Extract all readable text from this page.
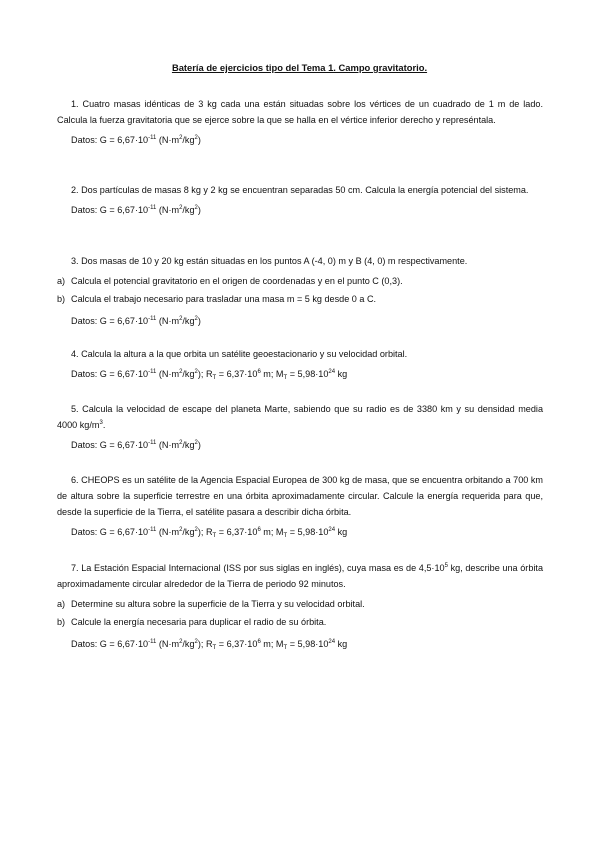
Batería de ejercicios tipo del Tema 1. Campo gravitatorio.

1. Cuatro masas idénticas de 3 kg cada una están situadas sobre los vértices de un cuadrado de 1 m de lado. Calcula la fuerza gravitatoria que se ejerce sobre la que se halla en el vértice inferior derecho y represéntala.

Datos: $G = 6,67\cdot 10^{-11}$ $(N\cdot m^2/kg^2)$

2. Dos partículas de masas 8 kg y 2 kg se encuentran separadas 50 cm. Calcula la energía potencial del sistema.

Datos: $G = 6,67\cdot 10^{-11}$ $(N\cdot m^2/kg^2)$

3. Dos masas de 10 y 20 kg están situadas en los puntos A (-4, 0) m y B (4, 0) m respectivamente.

a) Calcula el potencial gravitatorio en el origen de coordenadas y en el punto C (0,3).
b) Calcula el trabajo necesario para trasladar una masa m = 5 kg desde 0 a C.
Datos: $G = 6,67\cdot 10^{-11}$ $(N\cdot m^2/kg^2)$

4. Calcula la altura a la que orbita un satélite geoestacionario y su velocidad orbital.

Datos: $G = 6,67\cdot 10^{-11}$ $(N\cdot m^2/kg^2)$; $R_T = 6,37\cdot 10^6$ m; $M_T = 5,98\cdot 10^{24}$ kg

5. Calcula la velocidad de escape del planeta Marte, sabiendo que su radio es de 3380 km y su densidad media 4000 $kg/m^3$.

Datos: $G = 6,67\cdot 10^{-11}$ $(N\cdot m^2/kg^2)$

6. CHEOPS es un satélite de la Agencia Espacial Europea de 300 kg de masa, que se encuentra orbitando a 700 km de altura sobre la superficie terrestre en una órbita aproximadamente circular. Calcule la energía requerida para que, desde la superficie de la Tierra, el satélite pasara a describir dicha órbita.

Datos: $G = 6,67\cdot 10^{-11}$ $(N\cdot m^2/kg^2)$; $R_T = 6,37\cdot 10^6$ m; $M_T = 5,98\cdot 10^{24}$ kg

7. La Estación Espacial Internacional (ISS por sus siglas en inglés), cuya masa es de $4,5\cdot 10^5$ kg, describe una órbita aproximadamente circular alrededor de la Tierra de periodo 92 minutos.

a) Determine su altura sobre la superficie de la Tierra y su velocidad orbital.
b) Calcule la energía necesaria para duplicar el radio de su órbita.
Datos: $G = 6,67\cdot 10^{-11}$ $(N\cdot m^2/kg^2)$; $R_T = 6,37\cdot 10^6$ m; $M_T = 5,98\cdot 10^{24}$ kg
